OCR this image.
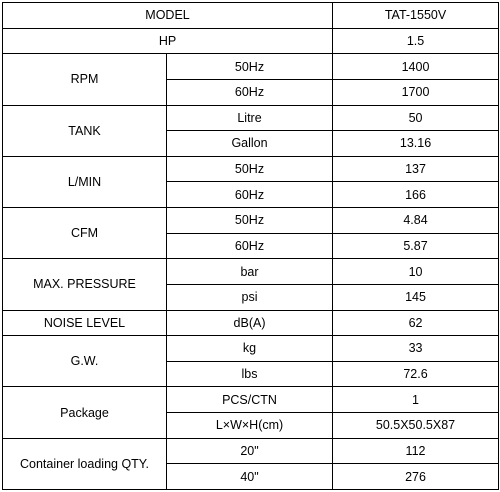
MODEL		TAT-1550V
HP		1.5
RPM	50Hz	1400
	60Hz	1700
TANK	Litre	50
	Gallon	13.16
L/MIN	50Hz	137
	60Hz	166
CFM	50Hz	4.84
	60Hz	5.87
MAX. PRESSURE	bar	10
	psi	145
NOISE LEVEL	dB(A)	62
G.W.	kg	33
	lbs	72.6
Package	PCS/CTN	1
	L×W×H(cm)	50.5X50.5X87
Container loading QTY.	20"	112
	40"	276
